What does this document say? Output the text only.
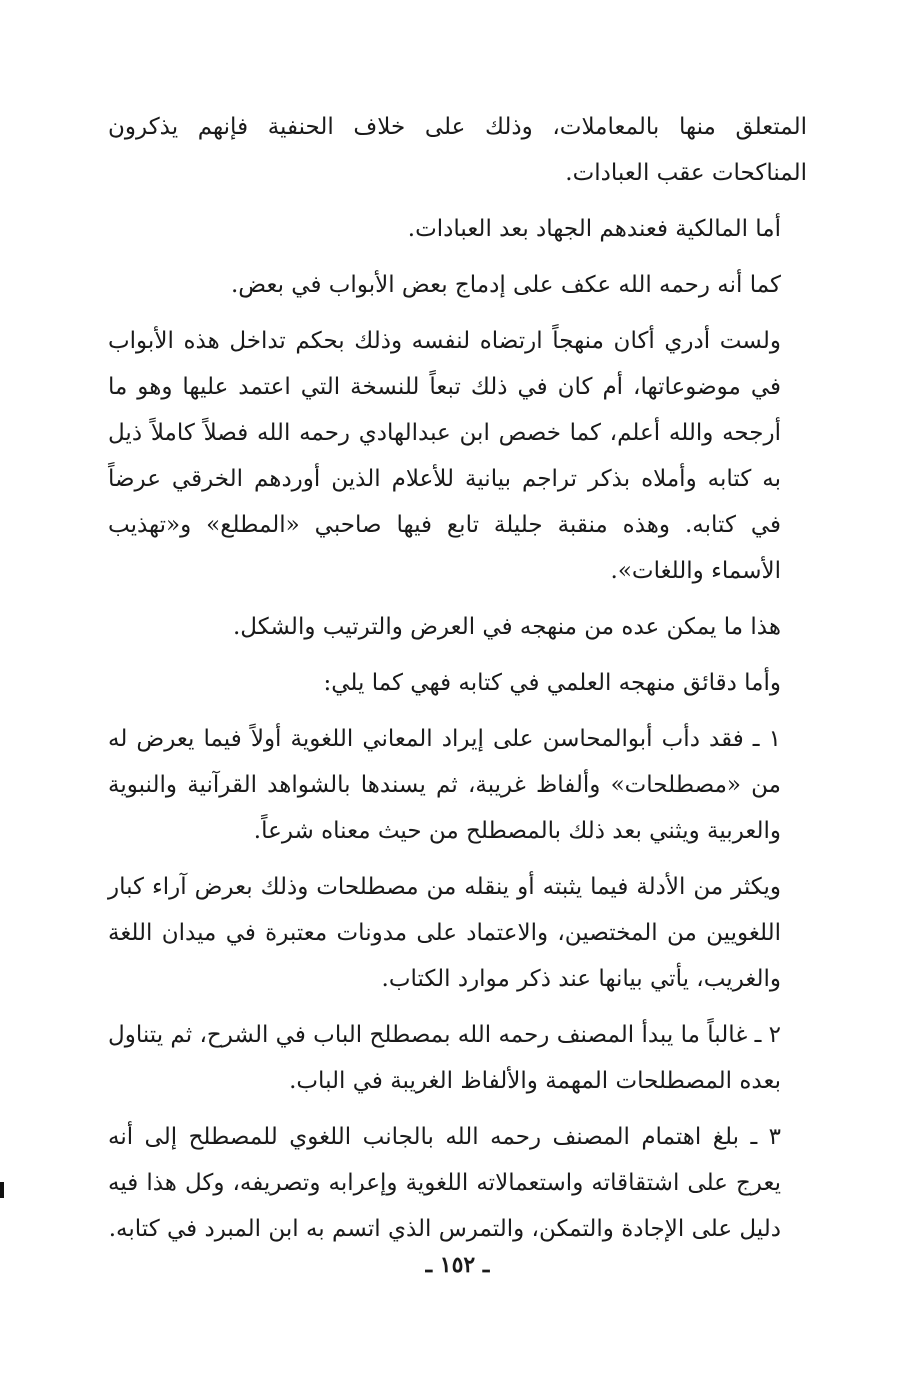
المتعلق منها بالمعاملات، وذلك على خلاف الحنفية فإنهم يذكرون المناكحات عقب العبادات.

أما المالكية فعندهم الجهاد بعد العبادات.

كما أنه رحمه الله عكف على إدماج بعض الأبواب في بعض.

ولست أدري أكان منهجاً ارتضاه لنفسه وذلك بحكم تداخل هذه الأبواب في موضوعاتها، أم كان في ذلك تبعاً للنسخة التي اعتمد عليها وهو ما أرجحه والله أعلم، كما خصص ابن عبدالهادي رحمه الله فصلاً كاملاً ذيل به كتابه وأملاه بذكر تراجم بيانية للأعلام الذين أوردهم الخرقي عرضاً في كتابه. وهذه منقبة جليلة تابع فيها صاحبي «المطلع» و«تهذيب الأسماء واللغات».

هذا ما يمكن عده من منهجه في العرض والترتيب والشكل.

وأما دقائق منهجه العلمي في كتابه فهي كما يلي:

١ ـ فقد دأب أبوالمحاسن على إيراد المعاني اللغوية أولاً فيما يعرض له من «مصطلحات» وألفاظ غريبة، ثم يسندها بالشواهد القرآنية والنبوية والعربية ويثني بعد ذلك بالمصطلح من حيث معناه شرعاً.

ويكثر من الأدلة فيما يثبته أو ينقله من مصطلحات وذلك بعرض آراء كبار اللغويين من المختصين، والاعتماد على مدونات معتبرة في ميدان اللغة والغريب، يأتي بيانها عند ذكر موارد الكتاب.

٢ ـ غالباً ما يبدأ المصنف رحمه الله بمصطلح الباب في الشرح، ثم يتناول بعده المصطلحات المهمة والألفاظ الغريبة في الباب.

٣ ـ بلغ اهتمام المصنف رحمه الله بالجانب اللغوي للمصطلح إلى أنه يعرج على اشتقاقاته واستعمالاته اللغوية وإعرابه وتصريفه، وكل هذا فيه دليل على الإجادة والتمكن، والتمرس الذي اتسم به ابن المبرد في كتابه.

ـ ١٥٢ ـ
